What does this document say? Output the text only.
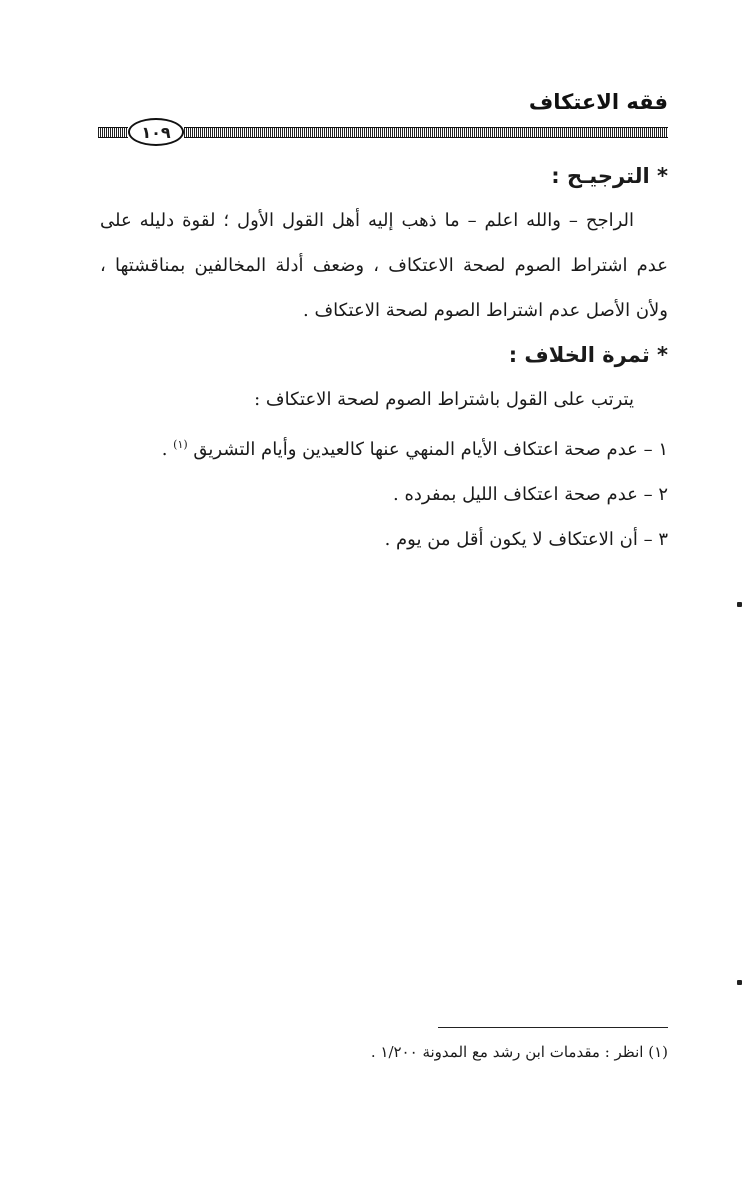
فقه الاعتكاف
١٠٩

* الترجيـح :

الراجح – والله اعلم – ما ذهب إليه أهل القول الأول ؛ لقوة دليله على

عدم اشتراط الصوم لصحة الاعتكاف ، وضعف أدلة المخالفين بمناقشتها ،

ولأن الأصل عدم اشتراط الصوم لصحة الاعتكاف .

* ثمرة الخلاف :

يترتب على القول باشتراط الصوم لصحة الاعتكاف :

١ – عدم صحة اعتكاف الأيام المنهي عنها كالعيدين وأيام التشريق $^{(١)}$ .

٢ – عدم صحة اعتكاف الليل بمفرده .

٣ – أن الاعتكاف لا يكون أقل من يوم .

(١) انظر : مقدمات ابن رشد مع المدونة ١/٢٠٠ .
